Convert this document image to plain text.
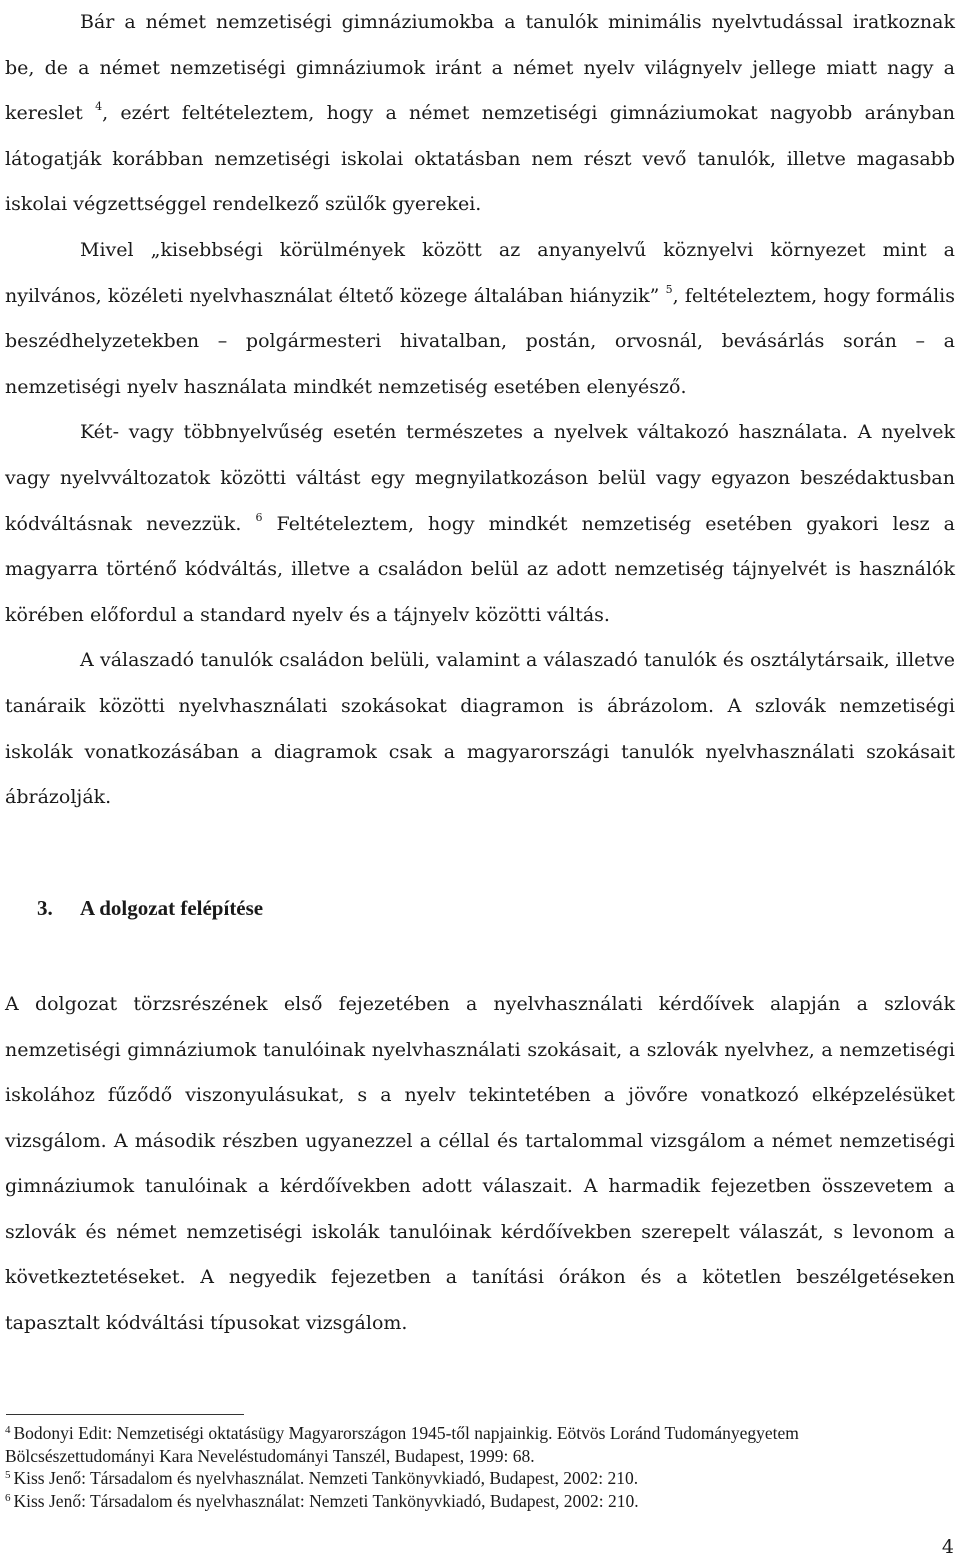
Bár a német nemzetiségi gimnáziumokba a tanulók minimális nyelvtudással iratkoznak be, de a német nemzetiségi gimnáziumok iránt a német nyelv világnyelv jellege miatt nagy a kereslet $^4$, ezért feltételeztem, hogy a német nemzetiségi gimnáziumokat nagyobb arányban látogatják korábban nemzetiségi iskolai oktatásban nem részt vevő tanulók, illetve magasabb iskolai végzettséggel rendelkező szülők gyerekei.

Mivel „kisebbségi körülmények között az anyanyelvű köznyelvi környezet mint a nyilvános, közéleti nyelvhasználat éltető közege általában hiányzik” $^5$, feltételeztem, hogy formális beszédhelyzetekben – polgármesteri hivatalban, postán, orvosnál, bevásárlás során – a nemzetiségi nyelv használata mindkét nemzetiség esetében elenyésző.

Két- vagy többnyelvűség esetén természetes a nyelvek váltakozó használata. A nyelvek vagy nyelvváltozatok közötti váltást egy megnyilatkozáson belül vagy egyazon beszédaktusban kódváltásnak nevezzük. $^6$ Feltételeztem, hogy mindkét nemzetiség esetében gyakori lesz a magyarra történő kódváltás, illetve a családon belül az adott nemzetiség tájnyelvét is használók körében előfordul a standard nyelv és a tájnyelv közötti váltás.

A válaszadó tanulók családon belüli, valamint a válaszadó tanulók és osztálytársaik, illetve tanáraik közötti nyelvhasználati szokásokat diagramon is ábrázolom. A szlovák nemzetiségi iskolák vonatkozásában a diagramok csak a magyarországi tanulók nyelvhasználati szokásait ábrázolják.

3. A dolgozat felépítése

A dolgozat törzsrészének első fejezetében a nyelvhasználati kérdőívek alapján a szlovák nemzetiségi gimnáziumok tanulóinak nyelvhasználati szokásait, a szlovák nyelvhez, a nemzetiségi iskolához fűződő viszonyulásukat, s a nyelv tekintetében a jövőre vonatkozó elképzelésüket vizsgálom. A második részben ugyanezzel a céllal és tartalommal vizsgálom a német nemzetiségi gimnáziumok tanulóinak a kérdőívekben adott válaszait. A harmadik fejezetben összevetem a szlovák és német nemzetiségi iskolák tanulóinak kérdőívekben szerepelt válaszát, s levonom a következtetéseket. A negyedik fejezetben a tanítási órákon és a kötetlen beszélgetéseken tapasztalt kódváltási típusokat vizsgálom.

$^4$ Bodonyi Edit: Nemzetiségi oktatásügy Magyarországon 1945-től napjainkig. Eötvös Loránd Tudományegyetem Bölcsészettudományi Kara Neveléstudományi Tanszél, Budapest, 1999: 68.

$^5$ Kiss Jenő: Társadalom és nyelvhasználat. Nemzeti Tankönyvkiadó, Budapest, 2002: 210.

$^6$ Kiss Jenő: Társadalom és nyelvhasználat: Nemzeti Tankönyvkiadó, Budapest, 2002: 210.

4
